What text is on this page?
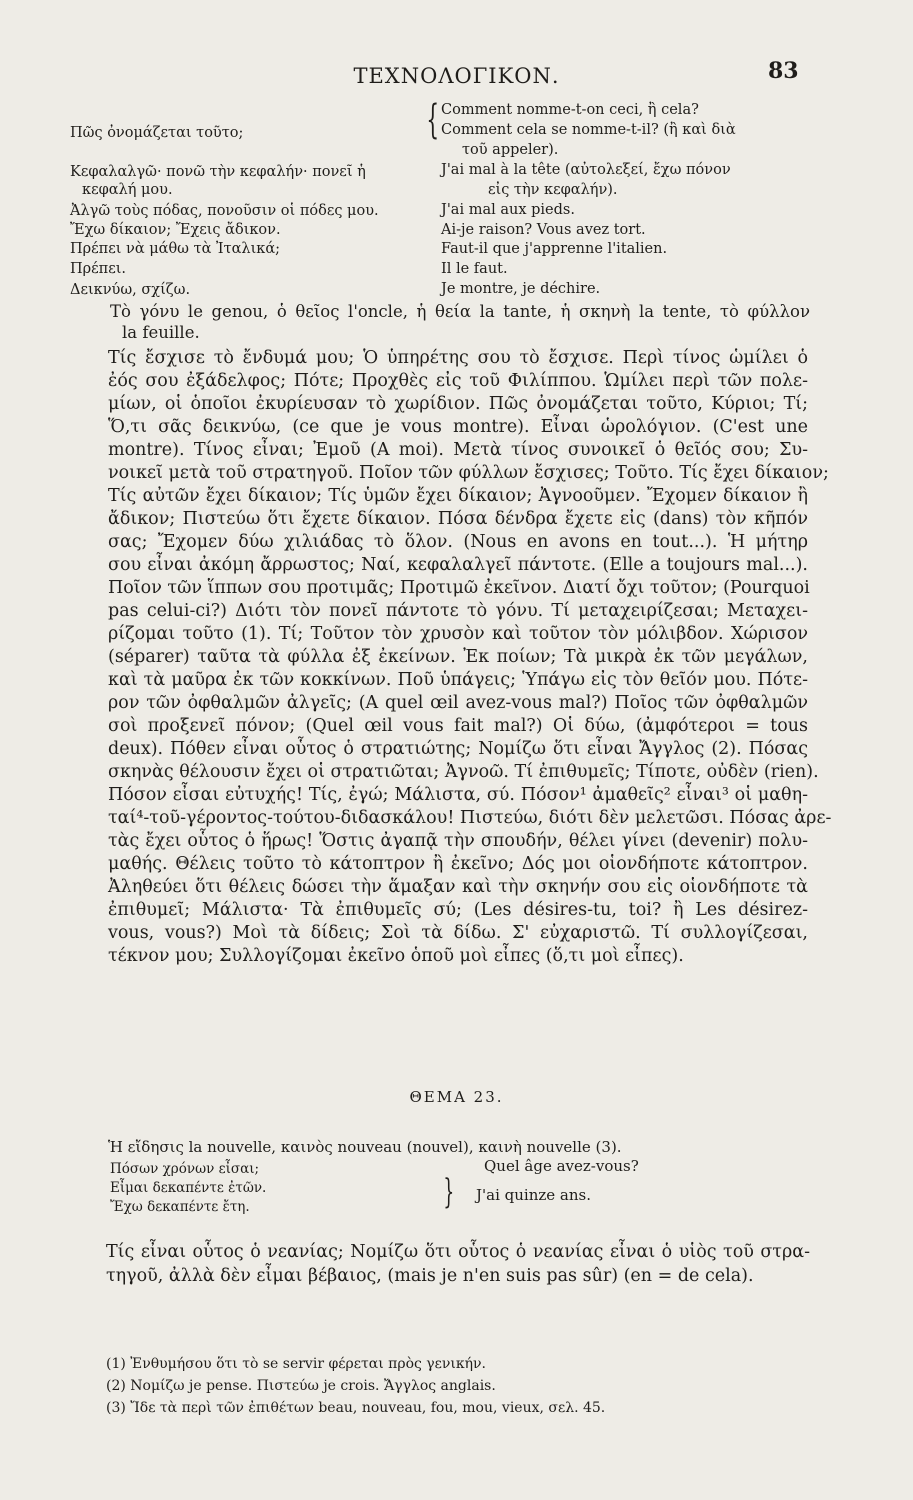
ΤΕΧΝΟΛΟΓΙΚΟΝ.	83
Πῶς ὀνομάζεται τοῦτο;
Κεφαλαλγῶ· πονῶ τὴν κεφαλήν· πονεῖ ἡ
κεφαλή μου.
Ἀλγῶ τοὺς πόδας, πονοῦσιν οἱ πόδες μου.
Ἔχω δίκαιον; Ἔχεις ἄδικον.
Πρέπει νὰ μάθω τὰ Ἰταλικά;
Πρέπει.
Δεικνύω, σχίζω.
{ Comment nomme-t-on ceci, ἢ cela?
Comment cela se nomme-t-il? (ἢ καὶ διὰ
τοῦ appeler).
J'ai mal à la tête (αὐτολεξεί, ἔχω πόνον
εἰς τὴν κεφαλήν).
J'ai mal aux pieds.
Ai-je raison? Vous avez tort.
Faut-il que j'apprenne l'italien.
Il le faut.
Je montre, je déchire.
Τὸ γόνυ le genou, ὁ θεῖος l'oncle, ἡ θεία la tante, ἡ σκηνὴ la tente, τὸ φύλλον
la feuille.
Τίς ἔσχισε τὸ ἔνδυμά μου; Ὁ ὑπηρέτης σου τὸ ἔσχισε. Περὶ τίνος ὡμίλει ὁ
ἐός σου ἐξάδελφος; Πότε; Προχθὲς εἰς τοῦ Φιλίππου. Ὡμίλει περὶ τῶν πολε-
μίων, οἱ ὁποῖοι ἐκυρίευσαν τὸ χωρίδιον. Πῶς ὀνομάζεται τοῦτο, Κύριοι; Τί;
Ὅ,τι σᾶς δεικνύω, (ce que je vous montre). Εἶναι ὡρολόγιον. (C'est une
montre). Τίνος εἶναι; Ἐμοῦ (A moi). Μετὰ τίνος συνοικεῖ ὁ θεῖός σου; Συ-
νοικεῖ μετὰ τοῦ στρατηγοῦ. Ποῖον τῶν φύλλων ἔσχισες; Τοῦτο. Τίς ἔχει δίκαιον;
Τίς αὐτῶν ἔχει δίκαιον; Τίς ὑμῶν ἔχει δίκαιον; Ἀγνοοῦμεν. Ἔχομεν δίκαιον ἢ
ἄδικον; Πιστεύω ὅτι ἔχετε δίκαιον. Πόσα δένδρα ἔχετε εἰς (dans) τὸν κῆπόν
σας; Ἔχομεν δύω χιλιάδας τὸ ὅλον. (Nous en avons en tout...). Ἡ μήτηρ
σου εἶναι ἀκόμη ἄρρωστος; Ναί, κεφαλαλγεῖ πάντοτε. (Elle a toujours mal...).
Ποῖον τῶν ἵππων σου προτιμᾶς; Προτιμῶ ἐκεῖνον. Διατί ὄχι τοῦτον; (Pourquoi
pas celui-ci?) Διότι τὸν πονεῖ πάντοτε τὸ γόνυ. Τί μεταχειρίζεσαι; Μεταχει-
ρίζομαι τοῦτο (1). Τί; Τοῦτον τὸν χρυσὸν καὶ τοῦτον τὸν μόλιβδον. Χώρισον
(séparer) ταῦτα τὰ φύλλα ἐξ ἐκείνων. Ἐκ ποίων; Τὰ μικρὰ ἐκ τῶν μεγάλων,
καὶ τὰ μαῦρα ἐκ τῶν κοκκίνων. Ποῦ ὑπάγεις; Ὑπάγω εἰς τὸν θεῖόν μου. Πότε-
ρον τῶν ὀφθαλμῶν ἀλγεῖς; (A quel œil avez-vous mal?) Ποῖος τῶν ὀφθαλμῶν
σοὶ προξενεῖ πόνον; (Quel œil vous fait mal?) Οἱ δύω, (ἀμφότεροι = tous
deux). Πόθεν εἶναι οὗτος ὁ στρατιώτης; Νομίζω ὅτι εἶναι Ἄγγλος (2). Πόσας
σκηνὰς θέλουσιν ἔχει οἱ στρατιῶται; Ἀγνοῶ. Τί ἐπιθυμεῖς; Τίποτε, οὐδὲν (rien).
Πόσον εἶσαι εὐτυχής! Τίς, ἐγώ; Μάλιστα, σύ. Πόσον¹ ἀμαθεῖς² εἶναι³ οἱ μαθη-
ταί⁴-τοῦ-γέροντος-τούτου-διδασκάλου! Πιστεύω, διότι δὲν μελετῶσι. Πόσας ἀρε-
τὰς ἔχει οὗτος ὁ ἥρως! Ὅστις ἀγαπᾷ τὴν σπουδήν, θέλει γίνει (devenir) πολυ-
μαθής. Θέλεις τοῦτο τὸ κάτοπτρον ἢ ἐκεῖνο; Δός μοι οἱονδήποτε κάτοπτρον.
Ἀληθεύει ὅτι θέλεις δώσει τὴν ἅμαξαν καὶ τὴν σκηνήν σου εἰς οἱονδήποτε τὰ
ἐπιθυμεῖ; Μάλιστα· Τὰ ἐπιθυμεῖς σύ; (Les désires-tu, toi? ἢ Les désirez-
vous, vous?) Μοὶ τὰ δίδεις; Σοὶ τὰ δίδω. Σ' εὐχαριστῶ. Τί συλλογίζεσαι,
τέκνον μου; Συλλογίζομαι ἐκεῖνο ὁποῦ μοὶ εἶπες (ὅ,τι μοὶ εἶπες).
ΘΕΜΑ 23.
Ἡ εἴδησις la nouvelle, καινὸς nouveau (nouvel), καινὴ nouvelle (3).
Πόσων χρόνων εἶσαι;
Εἶμαι δεκαπέντε ἐτῶν.
Ἔχω δεκαπέντε ἔτη.	}
Quel âge avez-vous?
J'ai quinze ans.
Τίς εἶναι οὗτος ὁ νεανίας; Νομίζω ὅτι οὗτος ὁ νεανίας εἶναι ὁ υἱὸς τοῦ στρα-
τηγοῦ, ἀλλὰ δὲν εἶμαι βέβαιος, (mais je n'en suis pas sûr) (en = de cela).
(1) Ἐνθυμήσου ὅτι τὸ se servir φέρεται πρὸς γενικήν.
(2) Νομίζω je pense. Πιστεύω je crois. Ἄγγλος anglais.
(3) Ἴδε τὰ περὶ τῶν ἐπιθέτων beau, nouveau, fou, mou, vieux, σελ. 45.
